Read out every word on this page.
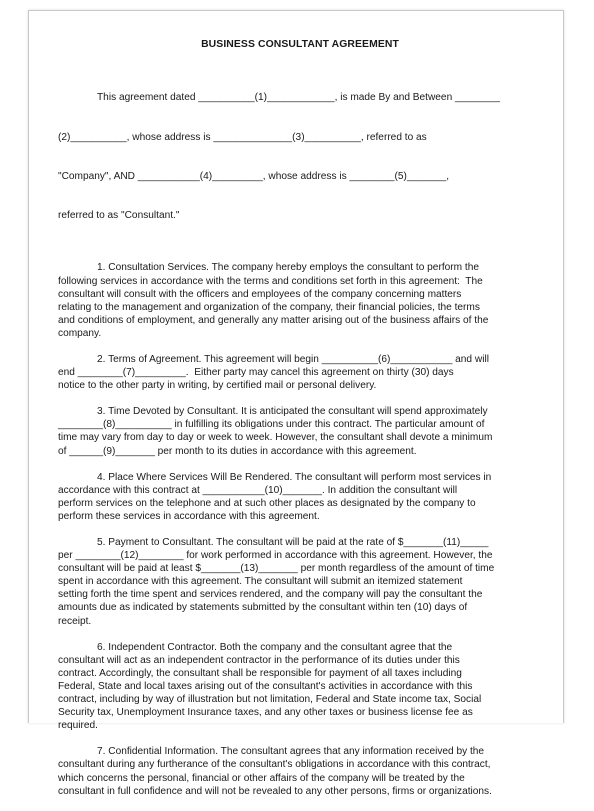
BUSINESS CONSULTANT AGREEMENT

This agreement dated __________(1)____________, is made By and Between ________

(2)__________, whose address is ______________(3)__________, referred to as

"Company", AND ___________(4)_________, whose address is ________(5)_______,

referred to as "Consultant."

1. Consultation Services. The company hereby employs the consultant to perform the
following services in accordance with the terms and conditions set forth in this agreement:  The
consultant will consult with the officers and employees of the company concerning matters
relating to the management and organization of the company, their financial policies, the terms
and conditions of employment, and generally any matter arising out of the business affairs of the
company.
2. Terms of Agreement. This agreement will begin __________(6)___________ and will
end ________(7)_________.  Either party may cancel this agreement on thirty (30) days
notice to the other party in writing, by certified mail or personal delivery.
3. Time Devoted by Consultant. It is anticipated the consultant will spend approximately
________(8)__________ in fulfilling its obligations under this contract. The particular amount of
time may vary from day to day or week to week. However, the consultant shall devote a minimum
of ______(9)_______ per month to its duties in accordance with this agreement.
4. Place Where Services Will Be Rendered. The consultant will perform most services in
accordance with this contract at ___________(10)_______. In addition the consultant will
perform services on the telephone and at such other places as designated by the company to
perform these services in accordance with this agreement.
5. Payment to Consultant. The consultant will be paid at the rate of $_______(11)_____
per ________(12)________ for work performed in accordance with this agreement. However, the
consultant will be paid at least $_______(13)_______ per month regardless of the amount of time
spent in accordance with this agreement. The consultant will submit an itemized statement
setting forth the time spent and services rendered, and the company will pay the consultant the
amounts due as indicated by statements submitted by the consultant within ten (10) days of
receipt.
6. Independent Contractor. Both the company and the consultant agree that the
consultant will act as an independent contractor in the performance of its duties under this
contract. Accordingly, the consultant shall be responsible for payment of all taxes including
Federal, State and local taxes arising out of the consultant's activities in accordance with this
contract, including by way of illustration but not limitation, Federal and State income tax, Social
Security tax, Unemployment Insurance taxes, and any other taxes or business license fee as
required.
7. Confidential Information. The consultant agrees that any information received by the
consultant during any furtherance of the consultant's obligations in accordance with this contract,
which concerns the personal, financial or other affairs of the company will be treated by the
consultant in full confidence and will not be revealed to any other persons, firms or organizations.
